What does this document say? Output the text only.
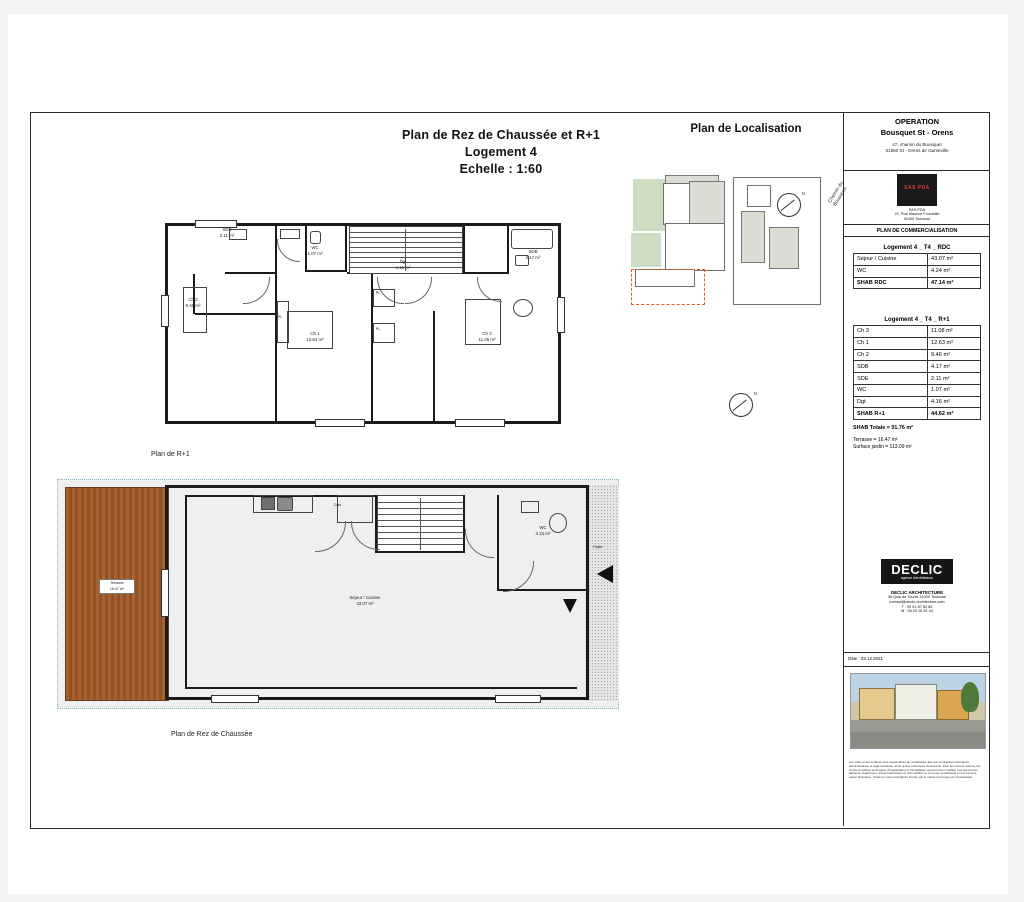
Plan de Rez de Chaussée et R+1
Logement 4
Echelle : 1:60
Plan de Localisation
SDE
2.11 m²
WC
1.07 m²	SDB
4.17 m²
Dgt
4.16 m²
Ch 1
12.63 m²
Ch 2
9.46 m²
Ch 3
11.08 m²
PL
PL
PL
Plan de R+1
Terrasse
16.47 m²
Palier
Séjour / Cuisine
43.07 m²
WC
4.24 m²
Cuis.
Plan de Rez de Chaussée
Chemin du Bousquet
N
N
OPERATION
Bousquet St - Orens
47, chemin du Bousquet
31650 St - Orens de Gameville
SAS PDA
SAS PDA
22, Rue Maurice Fonvieille
31000 Toulouse
PLAN DE COMMERCIALISATION
Logement 4 _ T4 _ RDC
Séjour / Cuisine	43.07 m²
WC	4.24 m²
SHAB RDC	47.14 m²
Logement 4 _ T4 _ R+1
Ch 3	11.08 m²
Ch 1	12.63 m²
Ch 2	9.46 m²
SDB	4.17 m²
SDE	2.11 m²
WC	1.07 m²
Dgt	4.16 m²
SHAB R+1	44.62 m²
SHAB Totale = 91.76 m²
Terrasse = 16.47 m²
Surface jardin = 113.09 m²
DECLIC
agence d'architecture
DECLIC ARCHITECTURE
36 Quai de Tounis 31000 Toulouse
contact@declic-architecture.com
T : 09 51 87 84 65
M : 06 03 18 92 44
Date : 03.12.2021
Les côtes et les surfaces sont susceptibles de modification liée aux contraintes techniques, administratives et réglementaires, ainsi qu'aux tolérances d'exécution. Pour les mêmes raisons, les prises et coffrets techniques d'implantation et d'installation peuvent être modifiés. Les documents défininés d'agrément, d'électrotechnique et d'immobilier ne sont pas contractuels et n'ont qu'une valeur illustrative. Seule la notice descriptive fournie par le maître d'ouvrage est contractuelle.
